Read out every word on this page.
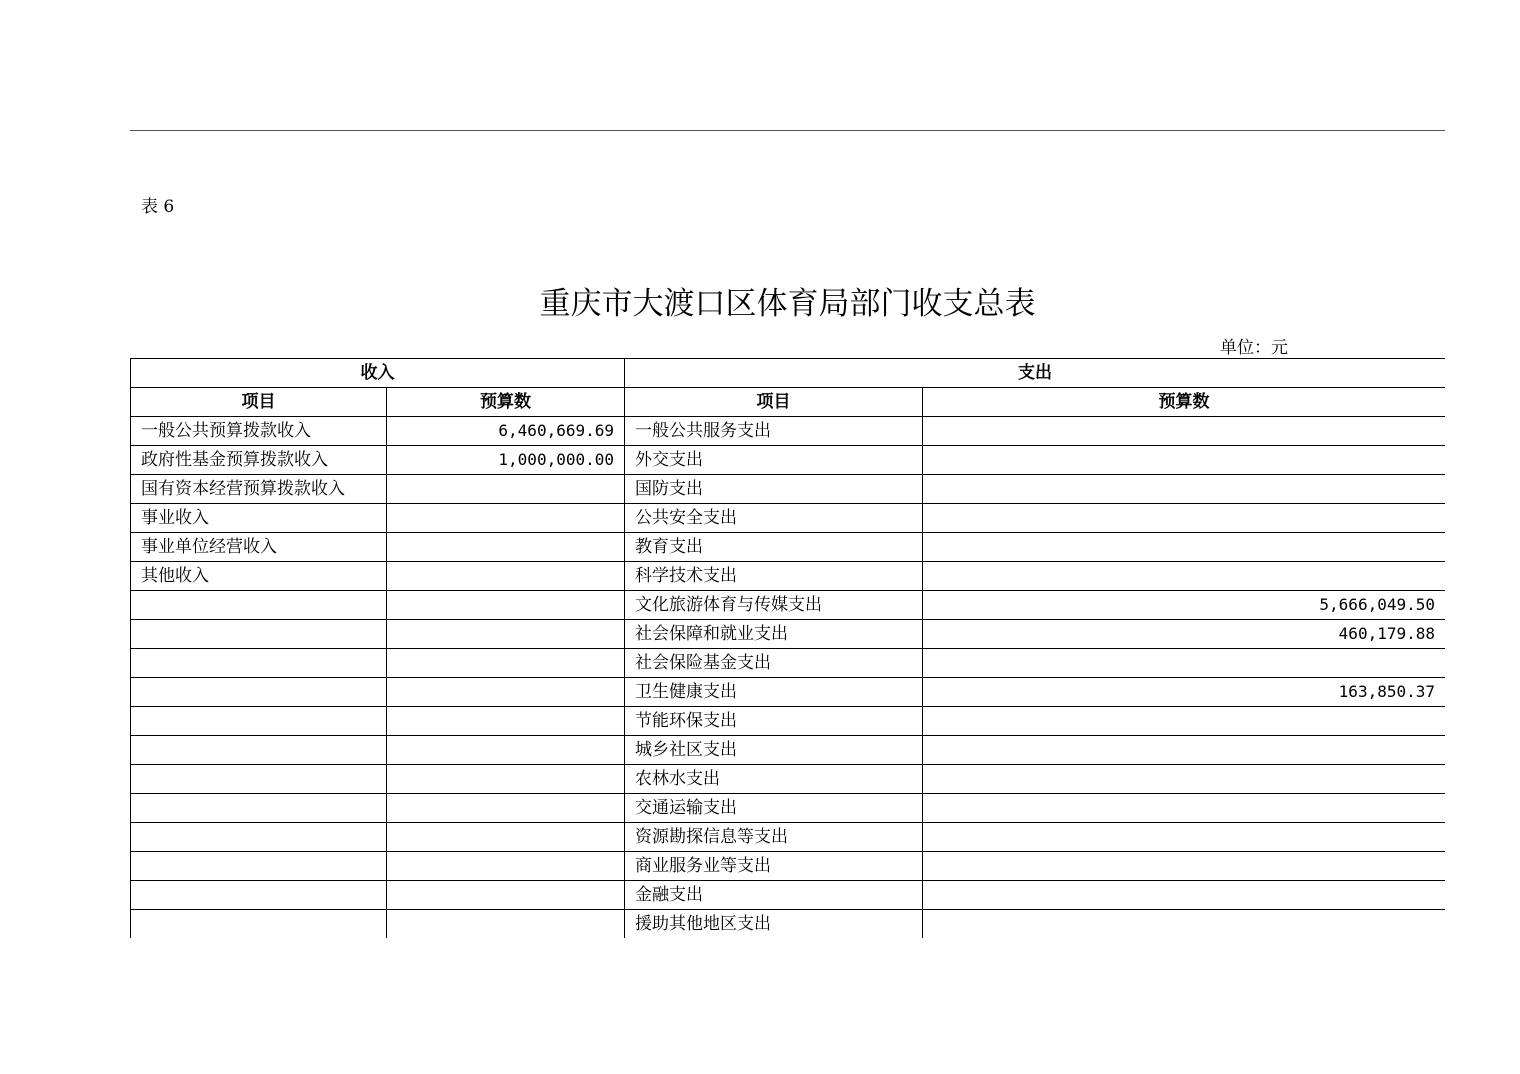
表 6
重庆市大渡口区体育局部门收支总表
单位：元
收入		支出	
项目	预算数	项目	预算数
一般公共预算拨款收入	6,460,669.69	一般公共服务支出	
政府性基金预算拨款收入	1,000,000.00	外交支出	
国有资本经营预算拨款收入		国防支出	
事业收入		公共安全支出	
事业单位经营收入		教育支出	
其他收入		科学技术支出	
		文化旅游体育与传媒支出	5,666,049.50
		社会保障和就业支出	460,179.88
		社会保险基金支出	
		卫生健康支出	163,850.37
		节能环保支出	
		城乡社区支出	
		农林水支出	
		交通运输支出	
		资源勘探信息等支出	
		商业服务业等支出	
		金融支出	
		援助其他地区支出	
